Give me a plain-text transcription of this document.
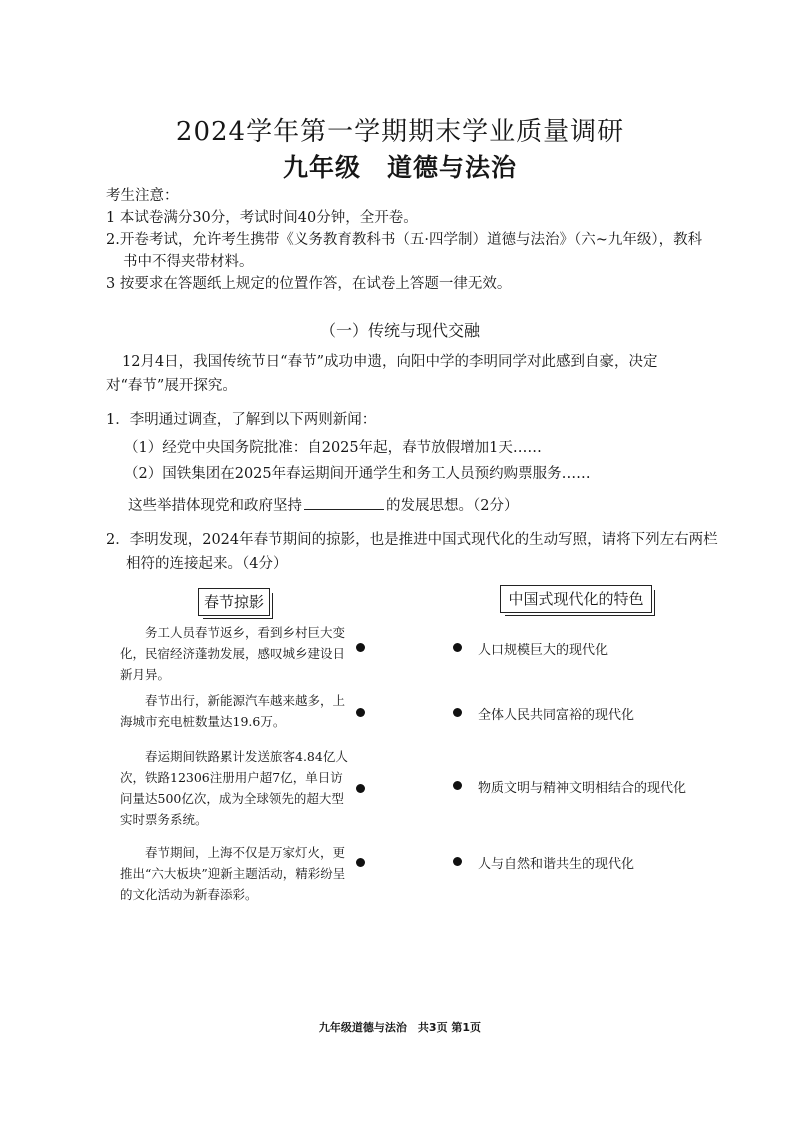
2024学年第一学期期末学业质量调研
九年级　道德与法治
考生注意：
1 本试卷满分30分，考试时间40分钟，全开卷。
2.开卷考试，允许考生携带《义务教育教科书（五·四学制）道德与法治》（六~九年级），教科
书中不得夹带材料。
3 按要求在答题纸上规定的位置作答，在试卷上答题一律无效。
（一）传统与现代交融
12月4日，我国传统节日“春节”成功申遗，向阳中学的李明同学对此感到自豪，决定
对“春节”展开探究。
1．李明通过调查，了解到以下两则新闻：
（1）经党中央国务院批准：自2025年起，春节放假增加1天……
（2）国铁集团在2025年春运期间开通学生和务工人员预约购票服务……
这些举措体现党和政府坚持	的发展思想。（2分）
2．李明发现，2024年春节期间的掠影，也是推进中国式现代化的生动写照，请将下列左右两栏
相符的连接起来。（4分）
春节掠影	中国式现代化的特色
务工人员春节返乡，看到乡村巨大变化，民宿经济蓬勃发展，感叹城乡建设日新月异。
春节出行，新能源汽车越来越多，上海城市充电桩数量达19.6万。
春运期间铁路累计发送旅客4.84亿人次，铁路12306注册用户超7亿，单日访问量达500亿次，成为全球领先的超大型实时票务系统。
春节期间，上海不仅是万家灯火，更推出“六大板块”迎新主题活动，精彩纷呈的文化活动为新春添彩。
人口规模巨大的现代化
全体人民共同富裕的现代化
物质文明与精神文明相结合的现代化
人与自然和谐共生的现代化
九年级道德与法治　共3页 第1页
